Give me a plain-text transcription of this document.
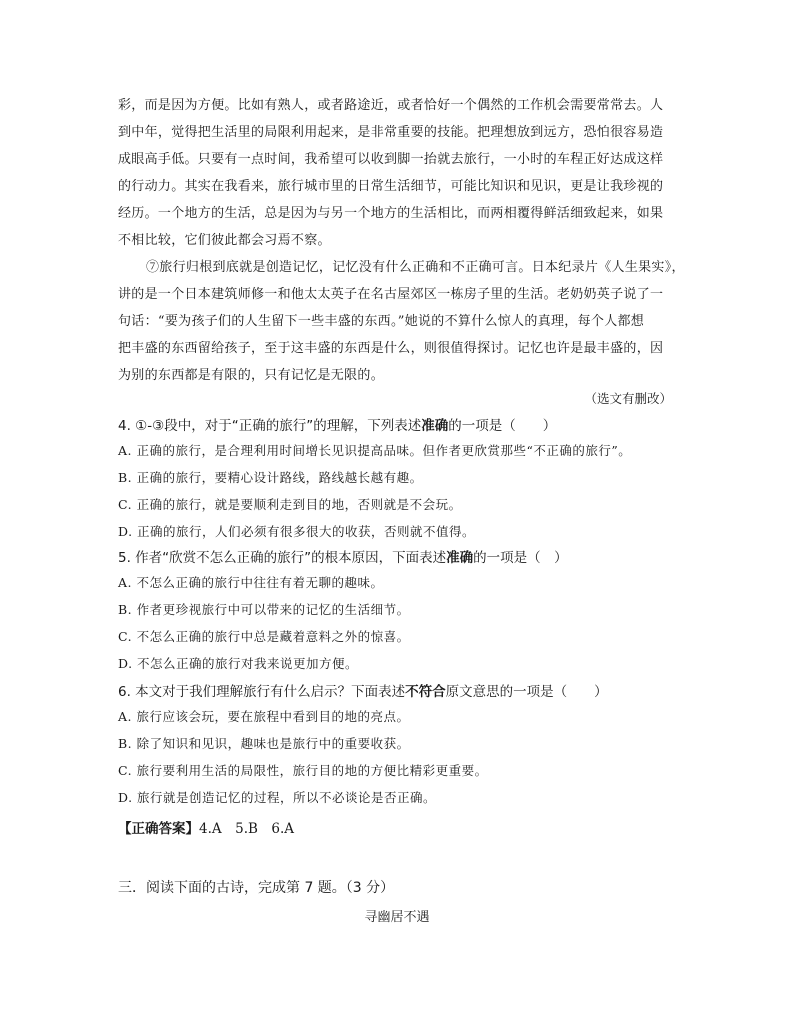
彩，而是因为方便。比如有熟人，或者路途近，或者恰好一个偶然的工作机会需要常常去。人
到中年，觉得把生活里的局限利用起来，是非常重要的技能。把理想放到远方，恐怕很容易造
成眼高手低。只要有一点时间，我希望可以收到脚一抬就去旅行，一小时的车程正好达成这样
的行动力。其实在我看来，旅行城市里的日常生活细节，可能比知识和见识，更是让我珍视的
经历。一个地方的生活，总是因为与另一个地方的生活相比，而两相覆得鲜活细致起来，如果
不相比较，它们彼此都会习焉不察。
⑦旅行归根到底就是创造记忆，记忆没有什么正确和不正确可言。日本纪录片《人生果实》，
讲的是一个日本建筑师修一和他太太英子在名古屋郊区一栋房子里的生活。老奶奶英子说了一
句话：“要为孩子们的人生留下一些丰盛的东西。”她说的不算什么惊人的真理，每个人都想
把丰盛的东西留给孩子，至于这丰盛的东西是什么，则很值得探讨。记忆也许是最丰盛的，因
为别的东西都是有限的，只有记忆是无限的。
（选文有删改）
4. ①-③段中，对于“正确的旅行”的理解，下列表述准确的一项是（　　）
A. 正确的旅行，是合理利用时间增长见识提高品味。但作者更欣赏那些“不正确的旅行”。
B. 正确的旅行，要精心设计路线，路线越长越有趣。
C. 正确的旅行，就是要顺利走到目的地，否则就是不会玩。
D. 正确的旅行，人们必须有很多很大的收获，否则就不值得。
5. 作者“欣赏不怎么正确的旅行”的根本原因，下面表述准确的一项是（　）
A. 不怎么正确的旅行中往往有着无聊的趣味。
B. 作者更珍视旅行中可以带来的记忆的生活细节。
C. 不怎么正确的旅行中总是藏着意料之外的惊喜。
D. 不怎么正确的旅行对我来说更加方便。
6. 本文对于我们理解旅行有什么启示？下面表述不符合原文意思的一项是（　　）
A. 旅行应该会玩，要在旅程中看到目的地的亮点。
B. 除了知识和见识，趣味也是旅行中的重要收获。
C. 旅行要利用生活的局限性，旅行目的地的方便比精彩更重要。
D. 旅行就是创造记忆的过程，所以不必谈论是否正确。
【正确答案】4.A　5.B　6.A
三．阅读下面的古诗，完成第 7 题。（3 分）
寻幽居不遇
